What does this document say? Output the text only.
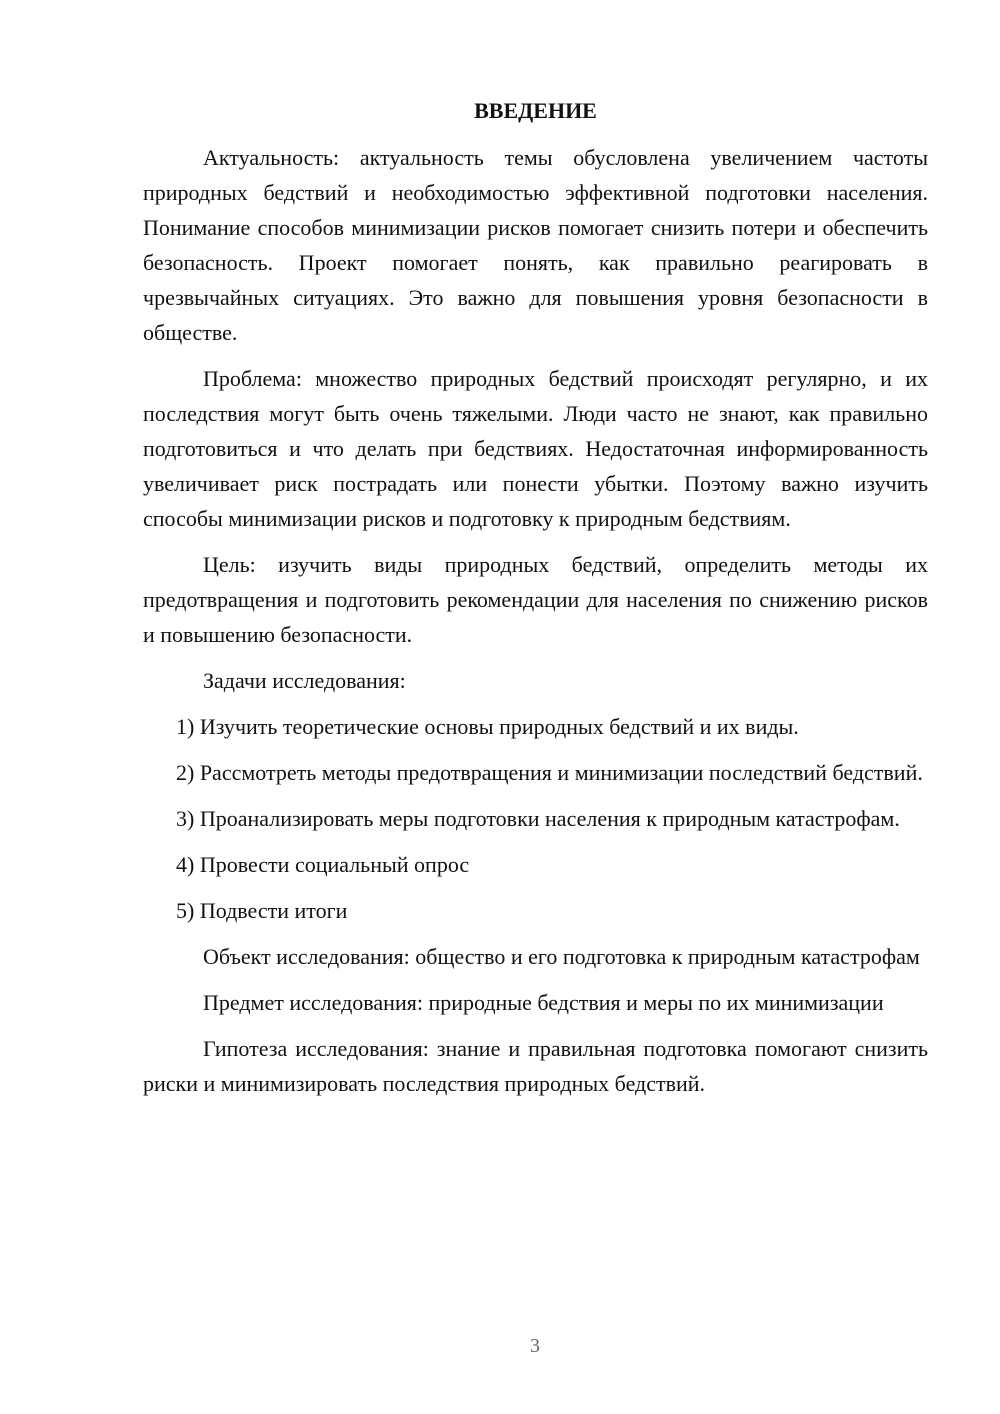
ВВЕДЕНИЕ

Актуальность: актуальность темы обусловлена увеличением частоты природных бедствий и необходимостью эффективной подготовки населения. Понимание способов минимизации рисков помогает снизить потери и обеспечить безопасность. Проект помогает понять, как правильно реагировать в чрезвычайных ситуациях. Это важно для повышения уровня безопасности в обществе.

Проблема: множество природных бедствий происходят регулярно, и их последствия могут быть очень тяжелыми. Люди часто не знают, как правильно подготовиться и что делать при бедствиях. Недостаточная информированность увеличивает риск пострадать или понести убытки. Поэтому важно изучить способы минимизации рисков и подготовку к природным бедствиям.

Цель: изучить виды природных бедствий, определить методы их предотвращения и подготовить рекомендации для населения по снижению рисков и повышению безопасности.

Задачи исследования:

1) Изучить теоретические основы природных бедствий и их виды.

2) Рассмотреть методы предотвращения и минимизации последствий бедствий.

3) Проанализировать меры подготовки населения к природным катастрофам.

4) Провести социальный опрос

5) Подвести итоги

Объект исследования: общество и его подготовка к природным катастрофам

Предмет исследования: природные бедствия и меры по их минимизации

Гипотеза исследования: знание и правильная подготовка помогают снизить риски и минимизировать последствия природных бедствий.

3
